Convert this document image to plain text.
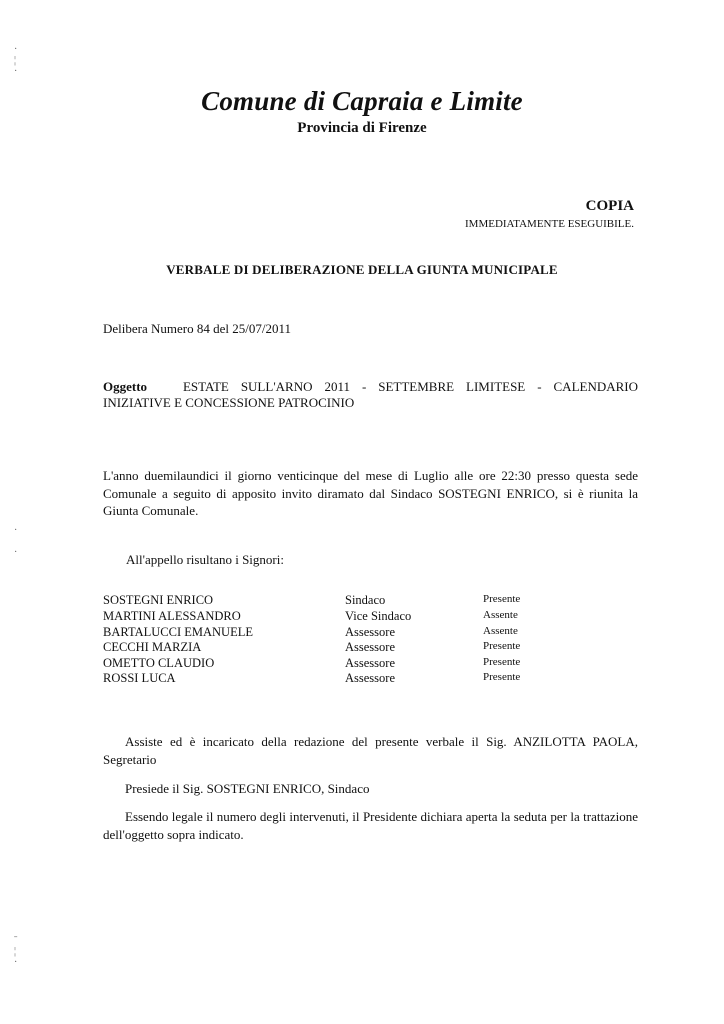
·
¦
·
·

·
ˉ
¦
·
Comune di Capraia e Limite
Provincia di Firenze
COPIA
IMMEDIATAMENTE ESEGUIBILE.
VERBALE DI DELIBERAZIONE DELLA GIUNTA MUNICIPALE
Delibera Numero 84 del 25/07/2011
Oggetto	ESTATE SULL'ARNO 2011 - SETTEMBRE LIMITESE - CALENDARIO
INIZIATIVE E CONCESSIONE PATROCINIO
L'anno duemilaundici il giorno venticinque del mese di Luglio alle ore 22:30 presso questa sede Comunale a seguito di apposito invito diramato dal Sindaco SOSTEGNI ENRICO, si è riunita la Giunta Comunale.
All'appello risultano i Signori:
SOSTEGNI ENRICO	Sindaco	Presente
MARTINI ALESSANDRO	Vice Sindaco	Assente
BARTALUCCI EMANUELE	Assessore	Assente
CECCHI MARZIA	Assessore	Presente
OMETTO CLAUDIO	Assessore	Presente
ROSSI LUCA	Assessore	Presente
Assiste ed è incaricato della redazione del presente verbale il Sig. ANZILOTTA PAOLA, Segretario
Presiede il Sig. SOSTEGNI ENRICO, Sindaco
Essendo legale il numero degli intervenuti, il Presidente dichiara aperta la seduta per la trattazione dell'oggetto sopra indicato.
